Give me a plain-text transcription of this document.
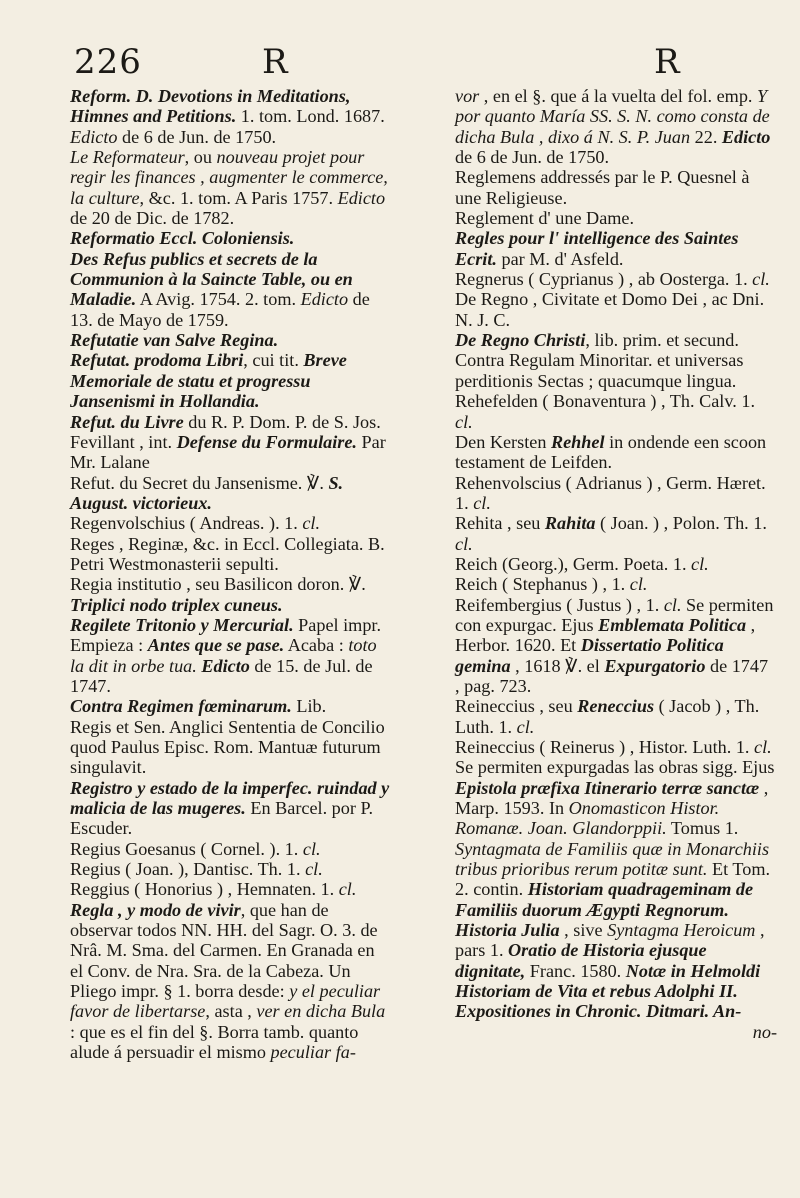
226	R	R

Reform. D. Devotions in Meditations, Himnes and Petitions. 1. tom. Lond. 1687. Edicto de 6 de Jun. de 1750.

Le Reformateur, ou nouveau projet pour regir les finances , augmenter le commerce, la culture, &c. 1. tom. A Paris 1757. Edicto de 20 de Dic. de 1782.

Reformatio Eccl. Coloniensis.

Des Refus publics et secrets de la Communion à la Saincte Table, ou en Maladie. A Avig. 1754. 2. tom. Edicto de 13. de Mayo de 1759.

Refutatie van Salve Regina.

Refutat. prodoma Libri, cui tit. Breve Memoriale de statu et progressu Jansenismi in Hollandia.

Refut. du Livre du R. P. Dom. P. de S. Jos. Fevillant , int. Defense du Formulaire. Par Mr. Lalane

Refut. du Secret du Jansenisme. ℣. S. August. victorieux.

Regenvolschius ( Andreas. ). 1. cl.

Reges , Reginæ, &c. in Eccl. Collegiata. B. Petri Westmonasterii sepulti.

Regia institutio , seu Basilicon doron. ℣. Triplici nodo triplex cuneus.

Regilete Tritonio y Mercurial. Papel impr. Empieza : Antes que se pase. Acaba : toto la dit in orbe tua. Edicto de 15. de Jul. de 1747.

Contra Regimen fœminarum. Lib.

Regis et Sen. Anglici Sententia de Concilio quod Paulus Episc. Rom. Mantuæ futurum singulavit.

Registro y estado de la imperfec. ruindad y malicia de las mugeres. En Barcel. por P. Escuder.

Regius Goesanus ( Cornel. ). 1. cl.

Regius ( Joan. ), Dantisc. Th. 1. cl.

Reggius ( Honorius ) , Hemnaten. 1. cl.

Regla , y modo de vivir, que han de observar todos NN. HH. del Sagr. O. 3. de Nrâ. M. Sma. del Carmen. En Granada en el Conv. de Nra. Sra. de la Cabeza. Un Pliego impr. § 1. borra desde: y el peculiar favor de libertarse, asta , ver en dicha Bula : que es el fin del §. Borra tamb. quanto aludе á persuadir el mismo peculiar fa-

vor , en el §. que á la vuelta del fol. emp. Y por quanto María SS. S. N. como consta de dicha Bula , dixo á N. S. P. Juan 22. Edicto de 6 de Jun. de 1750.

Reglemens addressés par le P. Quesnel à une Religieuse.

Reglement d' une Dame.

Regles pour l' intelligence des Saintes Ecrit. par M. d' Asfeld.

Regnerus ( Cyprianus ) , ab Oosterga. 1. cl.

De Regno , Civitate et Domo Dei , ac Dni. N. J. C.

De Regno Christi, lib. prim. et secund. Contra Regulam Minoritar. et universas perditionis Sectas ; quacumque lingua.

Rehefelden ( Bonaventura ) , Th. Calv. 1. cl.

Den Kersten Rehhel in ondende een scoon testament de Leifden.

Rehenvolscius ( Adrianus ) , Germ. Hæret. 1. cl.

Rehita , seu Rahita ( Joan. ) , Polon. Th. 1. cl.

Reich (Georg.), Germ. Poeta. 1. cl.

Reich ( Stephanus ) , 1. cl.

Reifembergius ( Justus ) , 1. cl. Se permiten con expurgac. Ejus Emblemata Politica , Herbor. 1620. Et Dissertatio Politica gemina , 1618 ℣. el Expurgatorio de 1747 , pag. 723.

Reineccius , seu Reneccius ( Jacob ) , Th. Luth. 1. cl.

Reineccius ( Reinerus ) , Histor. Luth. 1. cl. Se permiten expurgadas las obras sigg. Ejus Epistola præfixa Itinerario terræ sanctæ , Marp. 1593. In Onomasticon Histor. Romanæ. Joan. Glandorppii. Tomus 1. Syntagmata de Familiis quæ in Monarchiis tribus prioribus rerum potitæ sunt. Et Tom. 2. contin. Historiam quadrageminam de Familiis duorum Ægypti Regnorum. Historia Julia , sive Syntagma Heroicum , pars 1. Oratio de Historia ejusque dignitate, Franc. 1580. Notæ in Helmoldi Historiam de Vita et rebus Adolphi II. Expositiones in Chronic. Ditmari. An-

no-
